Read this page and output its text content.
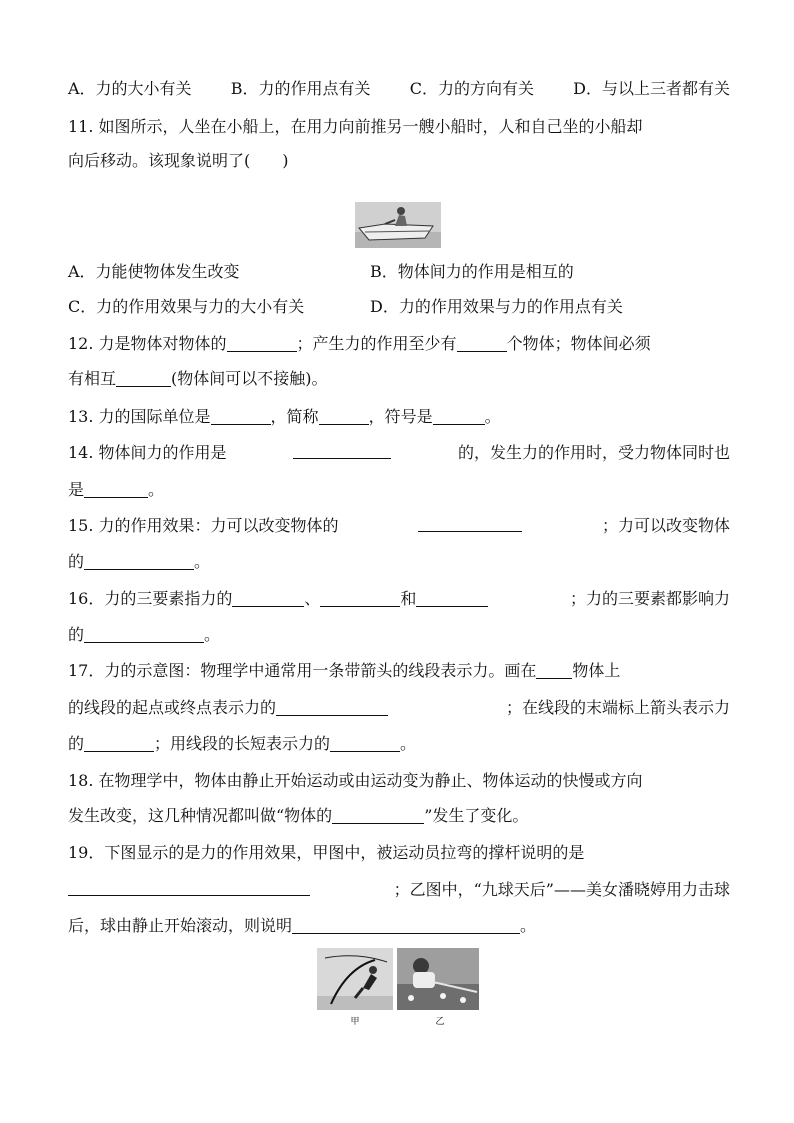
A．力的大小有关 B．力的作用点有关 C．力的方向有关 D．与以上三者都有关
11. 如图所示，人坐在小船上，在用力向前推另一艘小船时，人和自己坐的小船却
向后移动。该现象说明了(　　)
A．力能使物体发生改变	B．物体间力的作用是相互的
C．力的作用效果与力的大小有关	D．力的作用效果与力的作用点有关
12. 力是物体对物体的	；产生力的作用至少有	个物体；物体间必须
有相互	(物体间可以不接触)。
13. 力的国际单位是	，简称	，符号是	。
14. 物体间力的作用是	的，发生力的作用时，受力物体同时也
是	。
15. 力的作用效果：力可以改变物体的	；力可以改变物体
的	。
16．力的三要素指力的	、	和	；力的三要素都影响力
的	。
17．力的示意图：物理学中通常用一条带箭头的线段表示力。画在 物体上
的线段的起点或终点表示力的	；在线段的末端标上箭头表示力
的	；用线段的长短表示力的	。
18. 在物理学中，物体由静止开始运动或由运动变为静止、物体运动的快慢或方向
发生改变，这几种情况都叫做“物体的	”发生了变化。
19．下图显示的是力的作用效果，甲图中，被运动员拉弯的撑杆说明的是
；乙图中，“九球天后”——美女潘晓婷用力击球
后，球由静止开始滚动，则说明	。
甲	乙
